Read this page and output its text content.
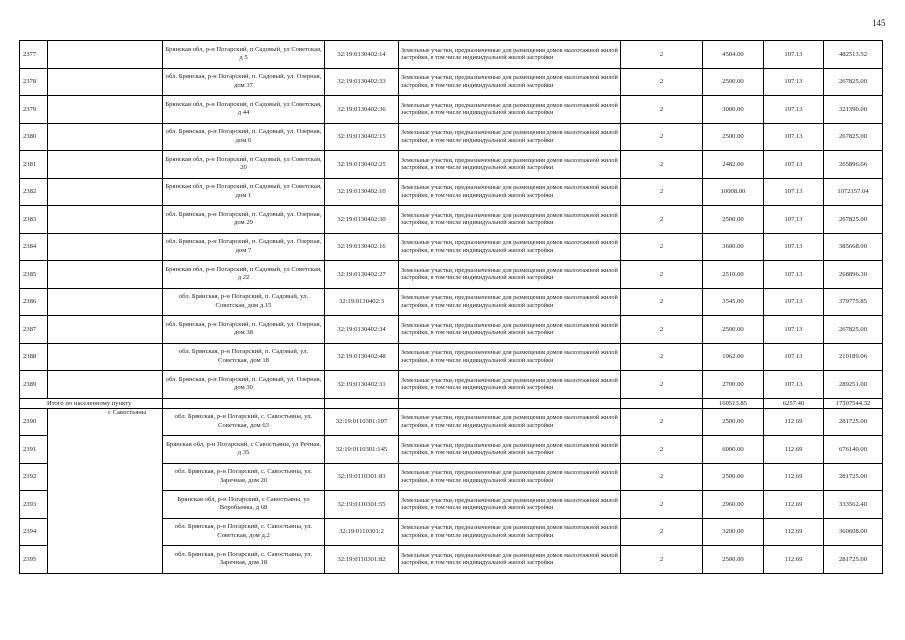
145
2377		Брянская обл, р-н Погарский, п Садовый, ул Советская, д 5	32:19:0130402:14	Земельные участки, предназначенные для размещения домов малоэтажной жилой застройки, в том числе индивидуальной жилой застройки	2	4504.00	107.13	482513.52
2378		обл. Брянская, р-н Погарский, п. Садовый, ул. Озерная, дом 37	32:19:0130402:33	Земельные участки, предназначенные для размещения домов малоэтажной жилой застройки, в том числе индивидуальной жилой застройки	2	2500.00	107.13	267825.00
2379		Брянская обл, р-н Погарский, п Садовый, ул Советская, д 44	32:19:0130402:36	Земельные участки, предназначенные для размещения домов малоэтажной жилой застройки, в том числе индивидуальной жилой застройки	2	3000.00	107.13	321390.00
2380		обл. Брянская, р-н Погарский, п. Садовый, ул. Озерная, дом 6	32:19:0130402:15	Земельные участки, предназначенные для размещения домов малоэтажной жилой застройки, в том числе индивидуальной жилой застройки	2	2500.00	107.13	267825.00
2381		Брянская обл, р-н Погарский, п Садовый, ул Советская, 20	32:19:0130402:25	Земельные участки, предназначенные для размещения домов малоэтажной жилой застройки, в том числе индивидуальной жилой застройки	2	2482.00	107.13	265896.66
2382		Брянская обл, р-н Погарский, п Садовый, ул Советская, дом 1	32:19:0130402:10	Земельные участки, предназначенные для размещения домов малоэтажной жилой застройки, в том числе индивидуальной жилой застройки	2	10008.00	107.13	1072157.04
2383		обл. Брянская, р-н Погарский, п. Садовый, ул. Озерная, дом 29	32:19:0130402:30	Земельные участки, предназначенные для размещения домов малоэтажной жилой застройки, в том числе индивидуальной жилой застройки	2	2500.00	107.13	267825.00
2384		обл. Брянская, р-н Погарский, п. Садовый, ул. Озерная, дом 7	32:19:0130402:16	Земельные участки, предназначенные для размещения домов малоэтажной жилой застройки, в том числе индивидуальной жилой застройки	2	3600.00	107.13	385668.00
2385		Брянская обл, р-н Погарский, п Садовый, ул Советская, д 22	32:19:0130402:27	Земельные участки, предназначенные для размещения домов малоэтажной жилой застройки, в том числе индивидуальной жилой застройки	2	2510.00	107.13	268896.30
2386		обл. Брянская, р-н Погарский, п. Садовый, ул. Советская, дом д.15	32:19:0130402:3	Земельные участки, предназначенные для размещения домов малоэтажной жилой застройки, в том числе индивидуальной жилой застройки	2	3545.00	107.13	379775.85
2387		обл. Брянская, р-н Погарский, п. Садовый, ул. Озерная, дом 38	32:19:0130402:34	Земельные участки, предназначенные для размещения домов малоэтажной жилой застройки, в том числе индивидуальной жилой застройки	2	2500.00	107.13	267825.00
2388		обл. Брянская, р-н Погарский, п. Садовый, ул. Советская, дом 18	32:19:0130402:48	Земельные участки, предназначенные для размещения домов малоэтажной жилой застройки, в том числе индивидуальной жилой застройки	2	1962.00	107.13	210189.06
2389		обл. Брянская, р-н Погарский, п. Садовый, ул. Озерная, дом 30	32:19:0130402:31	Земельные участки, предназначенные для размещения домов малоэтажной жилой застройки, в том числе индивидуальной жилой застройки	2	2700.00	107.13	289251.00
Итого по населенному пункту						160513.85	6257.40	17307544.32
2390	с Савостьяны	обл. Брянская, р-н Погарский, с. Савостьяны, ул. Советская, дом 63	32:19:0110301:197	Земельные участки, предназначенные для размещения домов малоэтажной жилой застройки, в том числе индивидуальной жилой застройки	2	2500.00	112.69	281725.00
2391		Брянская обл, р-н Погарский, с Савостьяны, ул Речная, д 35	32:19:0110301:145	Земельные участки, предназначенные для размещения домов малоэтажной жилой застройки, в том числе индивидуальной жилой застройки	2	6000.00	112.69	676140.00
2392		обл. Брянская, р-н Погарский, с. Савостьяны, ул. Заречная, дом 20	32:19:0110301:83	Земельные участки, предназначенные для размещения домов малоэтажной жилой застройки, в том числе индивидуальной жилой застройки	2	2500.00	112.69	281725.00
2393		Брянская обл, р-н Погарский, с Савостьяны, ул Воробьевка, д 68	32:19:0110301:55	Земельные участки, предназначенные для размещения домов малоэтажной жилой застройки, в том числе индивидуальной жилой застройки	2	2960.00	112.69	333562.40
2394		обл. Брянская, р-н Погарский, с. Савостьяны, ул. Советская, дом д.2	32:19:0110301:2	Земельные участки, предназначенные для размещения домов малоэтажной жилой застройки, в том числе индивидуальной жилой застройки	2	3200.00	112.69	360608.00
2395		обл. Брянская, р-н Погарский, с. Савостьяны, ул. Заречная, дом 18	32:19:0110301:82	Земельные участки, предназначенные для размещения домов малоэтажной жилой застройки, в том числе индивидуальной жилой застройки	2	2500.00	112.69	281725.00
